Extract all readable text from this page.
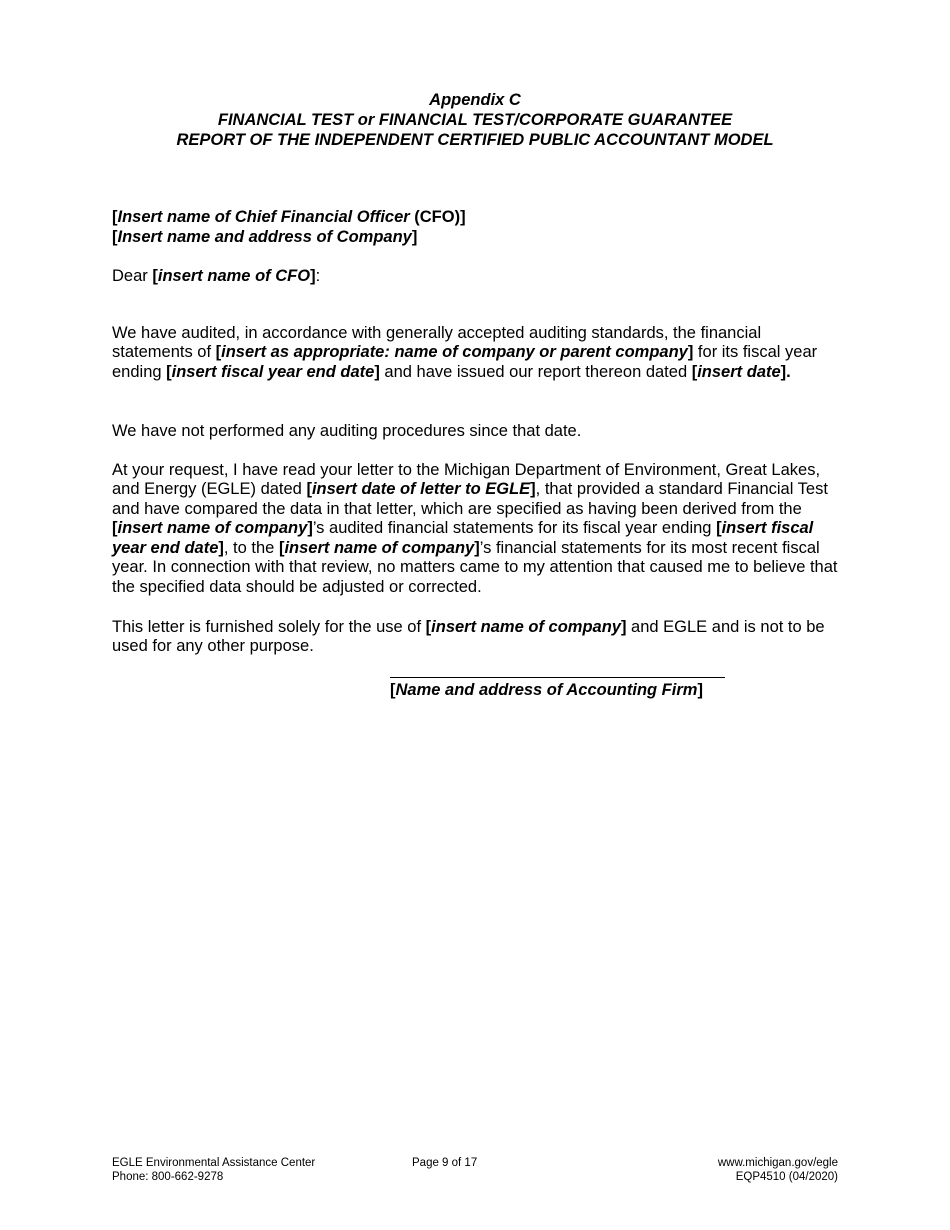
Appendix C
FINANCIAL TEST or FINANCIAL TEST/CORPORATE GUARANTEE
REPORT OF THE INDEPENDENT CERTIFIED PUBLIC ACCOUNTANT MODEL
[Insert name of Chief Financial Officer (CFO)]
[Insert name and address of Company]
Dear [insert name of CFO]:

We have audited, in accordance with generally accepted auditing standards, the financial statements of [insert as appropriate: name of company or parent company] for its fiscal year ending [insert fiscal year end date] and have issued our report thereon dated [insert date].

We have not performed any auditing procedures since that date.

At your request, I have read your letter to the Michigan Department of Environment, Great Lakes, and Energy (EGLE) dated [insert date of letter to EGLE], that provided a standard Financial Test and have compared the data in that letter, which are specified as having been derived from the [insert name of company]’s audited financial statements for its fiscal year ending [insert fiscal year end date], to the [insert name of company]’s financial statements for its most recent fiscal year. In connection with that review, no matters came to my attention that caused me to believe that the specified data should be adjusted or corrected.

This letter is furnished solely for the use of [insert name of company] and EGLE and is not to be used for any other purpose.

[Name and address of Accounting Firm]
EGLE Environmental Assistance Center
Phone: 800-662-9278
Page 9 of 17	www.michigan.gov/egle
EQP4510 (04/2020)
